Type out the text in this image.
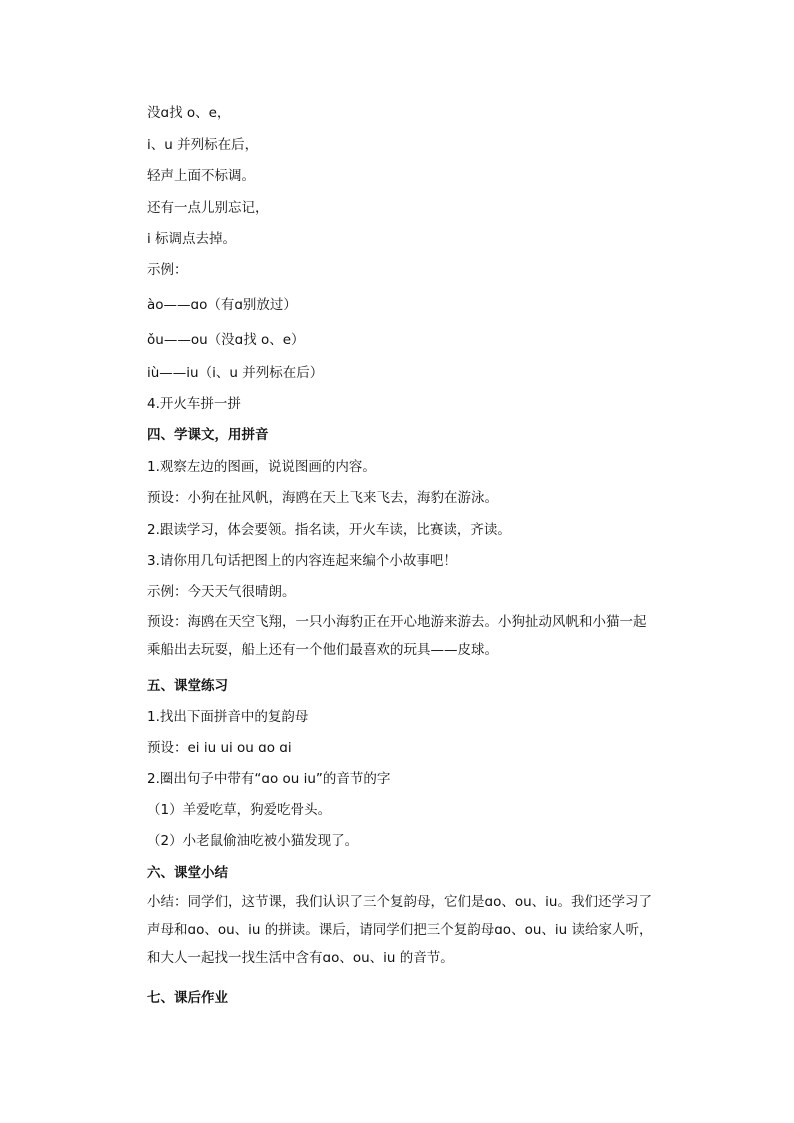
没ɑ找 o、e，
i、u 并列标在后，
轻声上面不标调。
还有一点儿别忘记，
i 标调点去掉。
示例：
ào——ɑo（有ɑ别放过）
ǒu——ou（没ɑ找 o、e）
iù——iu（i、u 并列标在后）
4.开火车拼一拼
四、学课文，用拼音
1.观察左边的图画，说说图画的内容。
预设：小狗在扯风帆，海鸥在天上飞来飞去，海豹在游泳。
2.跟读学习，体会要领。指名读，开火车读，比赛读，齐读。
3.请你用几句话把图上的内容连起来编个小故事吧！
示例：今天天气很晴朗。
预设：海鸥在天空飞翔，一只小海豹正在开心地游来游去。小狗扯动风帆和小猫一起乘船出去玩耍，船上还有一个他们最喜欢的玩具——皮球。
五、课堂练习
1.找出下面拼音中的复韵母
预设：ei iu ui ou ɑo ɑi
2.圈出句子中带有“ɑo ou iu”的音节的字
（1）羊爱吃草，狗爱吃骨头。
（2）小老鼠偷油吃被小猫发现了。
六、课堂小结
小结：同学们，这节课，我们认识了三个复韵母，它们是ɑo、ou、iu。我们还学习了声母和ɑo、ou、iu 的拼读。课后，请同学们把三个复韵母ɑo、ou、iu 读给家人听，和大人一起找一找生活中含有ɑo、ou、iu 的音节。
七、课后作业
